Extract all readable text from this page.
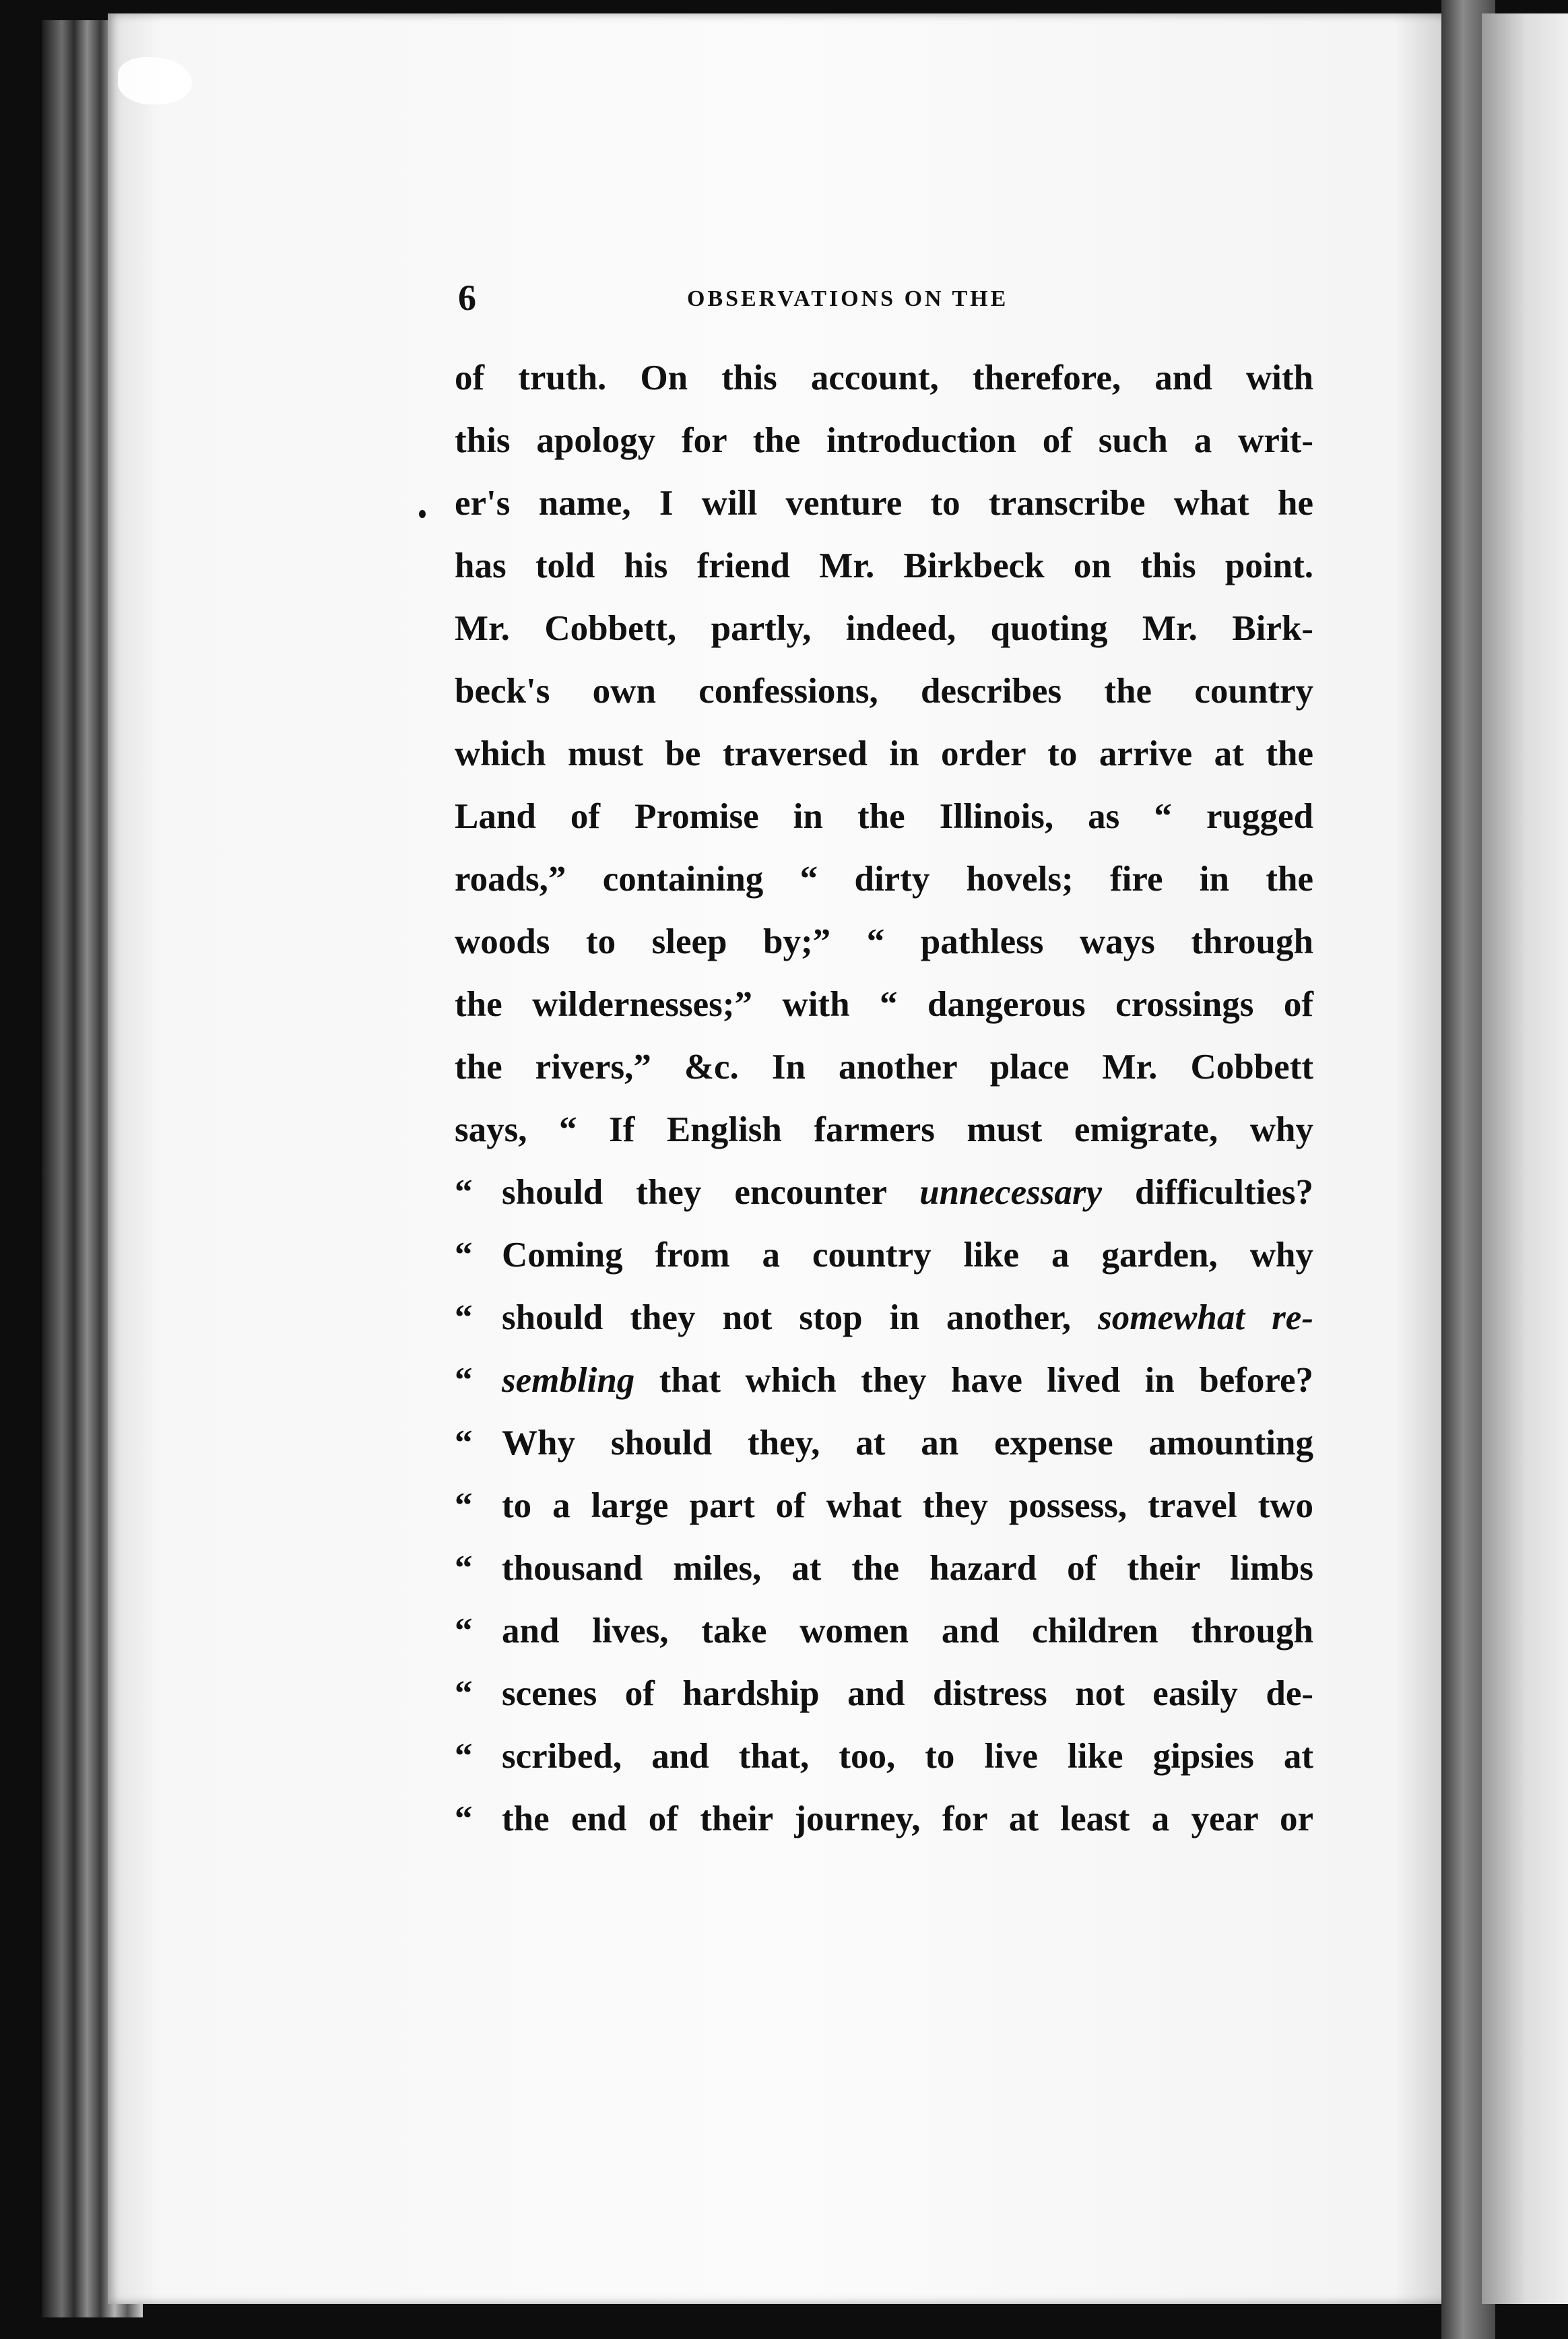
6	OBSERVATIONS ON THE
of truth. On this account, therefore, and with
this apology for the introduction of such a writ-
er's name, I will venture to transcribe what he
has told his friend Mr. Birkbeck on this point.
Mr. Cobbett, partly, indeed, quoting Mr. Birk-
beck's own confessions, describes the country
which must be traversed in order to arrive at the
Land of Promise in the Illinois, as “ rugged
roads,” containing “ dirty hovels; fire in the
woods to sleep by;” “ pathless ways through
the wildernesses;” with “ dangerous crossings of
the rivers,” &c. In another place Mr. Cobbett
says, “ If English farmers must emigrate, why
“ should they encounter unnecessary difficulties?
“ Coming from a country like a garden, why
“ should they not stop in another, somewhat re-
“ sembling that which they have lived in before?
“ Why should they, at an expense amounting
“ to a large part of what they possess, travel two
“ thousand miles, at the hazard of their limbs
“ and lives, take women and children through
“ scenes of hardship and distress not easily de-
“ scribed, and that, too, to live like gipsies at
“ the end of their journey, for at least a year or
